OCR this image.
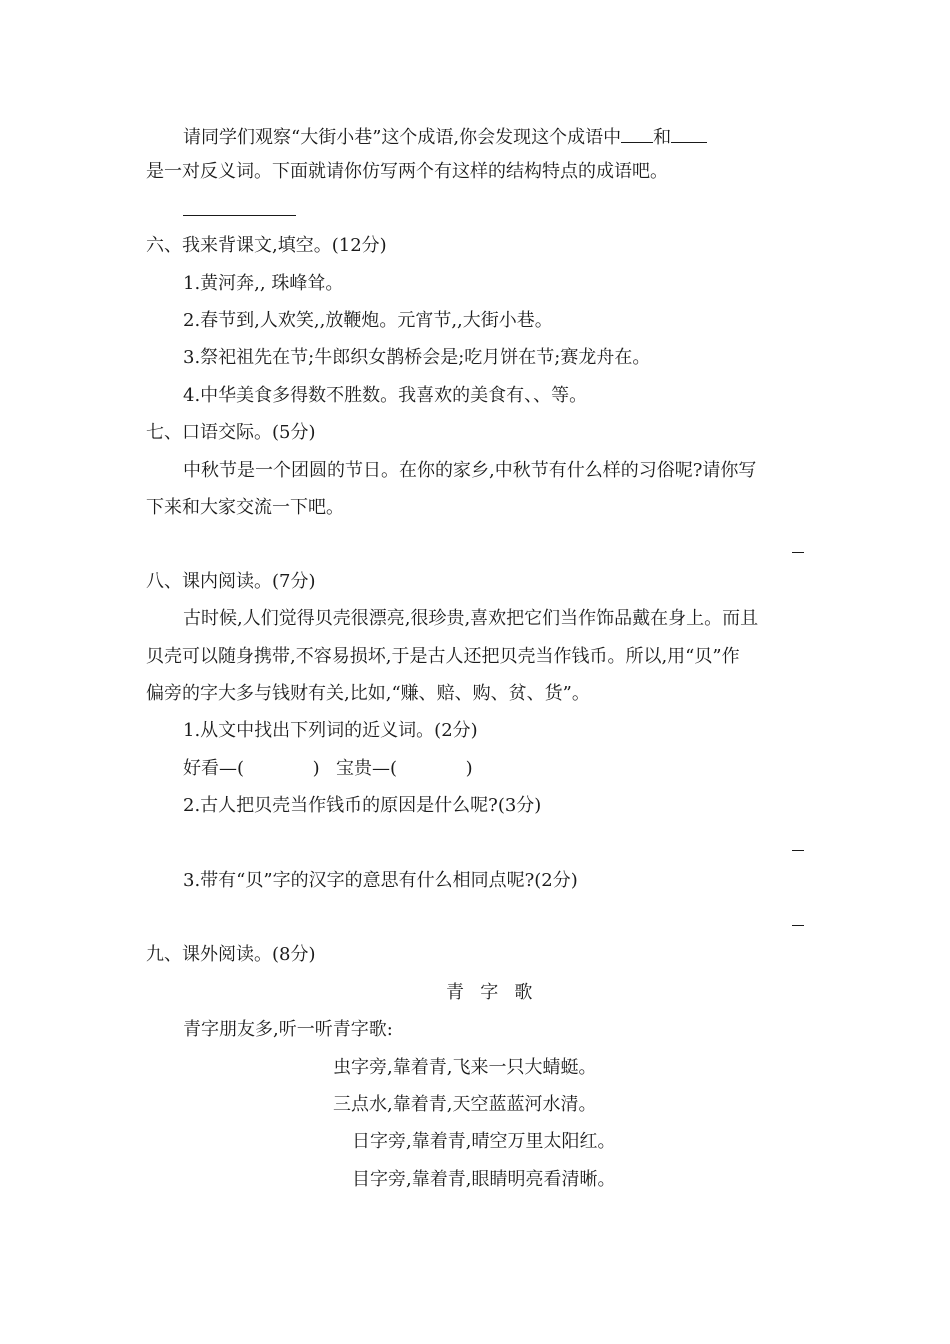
请同学们观察“大街小巷”这个成语,你会发现这个成语中 和
是一对反义词。下面就请你仿写两个有这样的结构特点的成语吧。
六、我来背课文,填空。(12分)
1.黄河奔,, 珠峰耸。
2.春节到,人欢笑,,放鞭炮。元宵节,,大街小巷。
3.祭祀祖先在节;牛郎织女鹊桥会是;吃月饼在节;赛龙舟在。
4.中华美食多得数不胜数。我喜欢的美食有、、等。
七、口语交际。(5分)
中秋节是一个团圆的节日。在你的家乡,中秋节有什么样的习俗呢?请你写
下来和大家交流一下吧。
八、课内阅读。(7分)
古时候,人们觉得贝壳很漂亮,很珍贵,喜欢把它们当作饰品戴在身上。而且
贝壳可以随身携带,不容易损坏,于是古人还把贝壳当作钱币。所以,用“贝”作
偏旁的字大多与钱财有关,比如,“赚、赔、购、贫、货”。
1.从文中找出下列词的近义词。(2分)
好看—(            ) 宝贵—(            )
2.古人把贝壳当作钱币的原因是什么呢?(3分)
3.带有“贝”字的汉字的意思有什么相同点呢?(2分)
九、课外阅读。(8分)
青字歌
青字朋友多,听一听青字歌:
虫字旁,靠着青,飞来一只大蜻蜓。
三点水,靠着青,天空蓝蓝河水清。
日字旁,靠着青,晴空万里太阳红。
目字旁,靠着青,眼睛明亮看清晰。
